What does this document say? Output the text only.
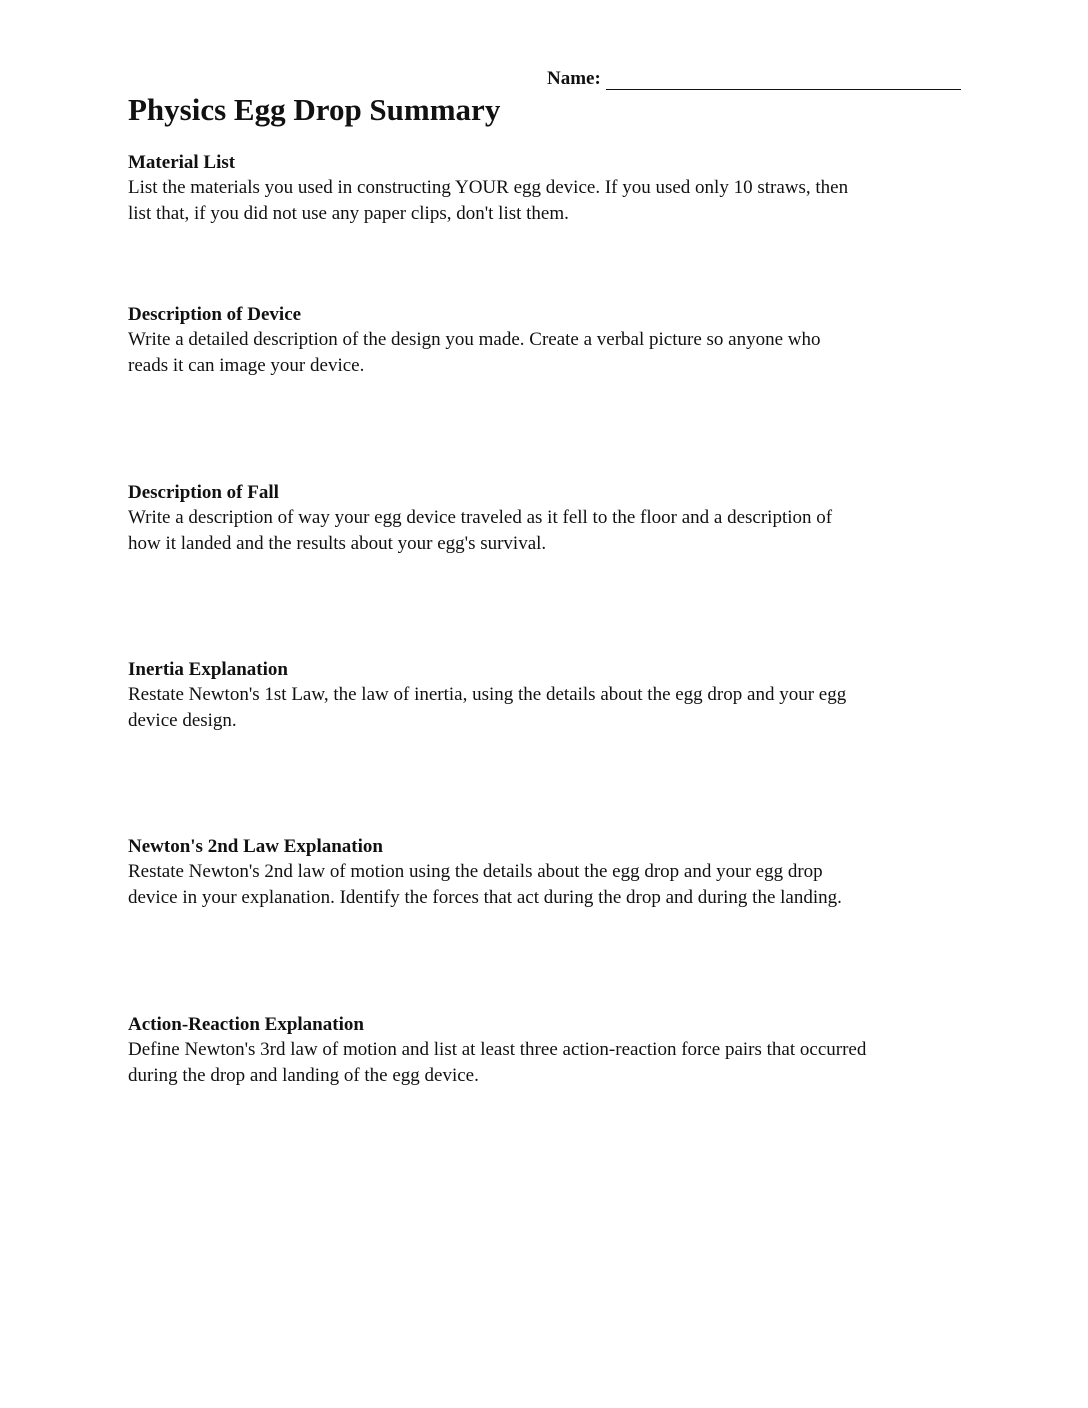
Name:
Physics Egg Drop Summary

Material List

List the materials you used in constructing YOUR egg device. If you used only 10 straws, then

list that, if you did not use any paper clips, don't list them.

Description of Device

Write a detailed description of the design you made. Create a verbal picture so anyone who

reads it can image your device.

Description of Fall

Write a description of way your egg device traveled as it fell to the floor and a description of

how it landed and the results about your egg's survival.

Inertia Explanation

Restate Newton's 1st Law, the law of inertia, using the details about the egg drop and your egg

device design.

Newton's 2nd Law Explanation

Restate Newton's 2nd law of motion using the details about the egg drop and your egg drop

device in your explanation. Identify the forces that act during the drop and during the landing.

Action-Reaction Explanation

Define Newton's 3rd law of motion and list at least three action-reaction force pairs that occurred

during the drop and landing of the egg device.
